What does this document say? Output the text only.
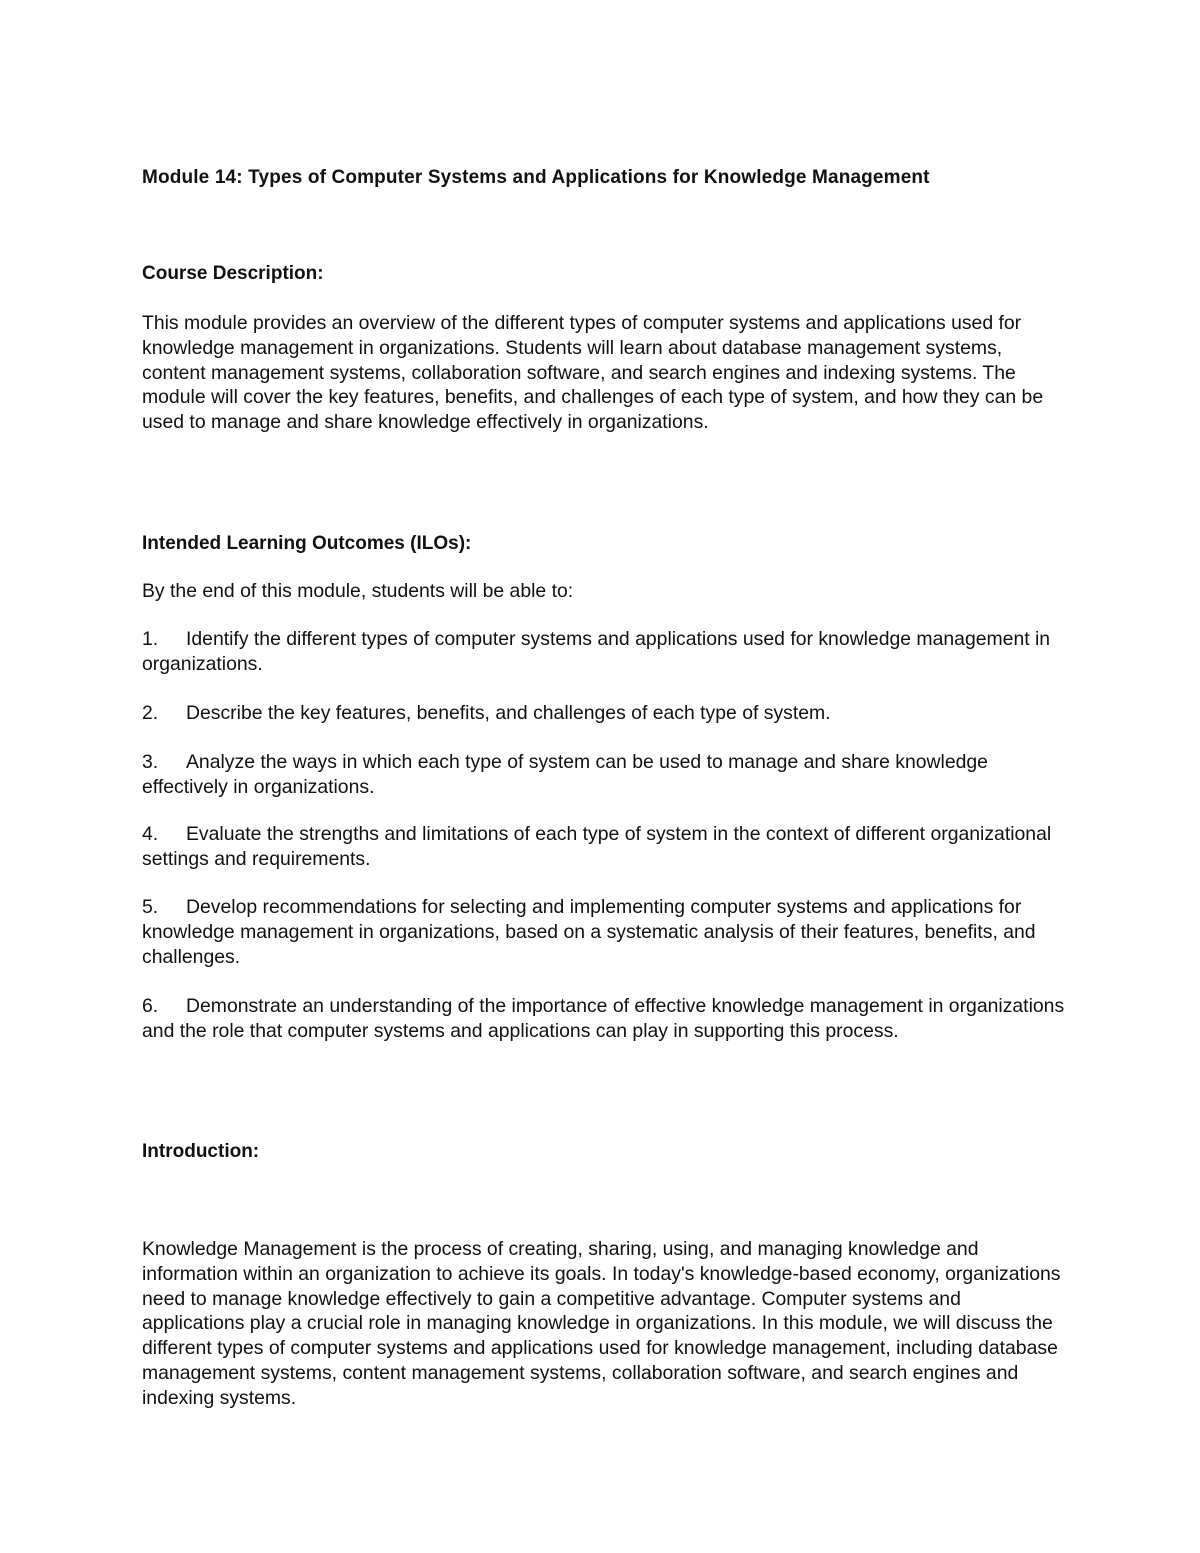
Module 14: Types of Computer Systems and Applications for Knowledge Management
Course Description:

This module provides an overview of the different types of computer systems and applications used for knowledge management in organizations. Students will learn about database management systems, content management systems, collaboration software, and search engines and indexing systems. The module will cover the key features, benefits, and challenges of each type of system, and how they can be used to manage and share knowledge effectively in organizations.

Intended Learning Outcomes (ILOs):

By the end of this module, students will be able to:

1. Identify the different types of computer systems and applications used for knowledge management in organizations.

2. Describe the key features, benefits, and challenges of each type of system.

3. Analyze the ways in which each type of system can be used to manage and share knowledge effectively in organizations.

4. Evaluate the strengths and limitations of each type of system in the context of different organizational settings and requirements.

5. Develop recommendations for selecting and implementing computer systems and applications for knowledge management in organizations, based on a systematic analysis of their features, benefits, and challenges.

6. Demonstrate an understanding of the importance of effective knowledge management in organizations and the role that computer systems and applications can play in supporting this process.

Introduction:

Knowledge Management is the process of creating, sharing, using, and managing knowledge and information within an organization to achieve its goals. In today's knowledge-based economy, organizations need to manage knowledge effectively to gain a competitive advantage. Computer systems and applications play a crucial role in managing knowledge in organizations. In this module, we will discuss the different types of computer systems and applications used for knowledge management, including database management systems, content management systems, collaboration software, and search engines and indexing systems.
